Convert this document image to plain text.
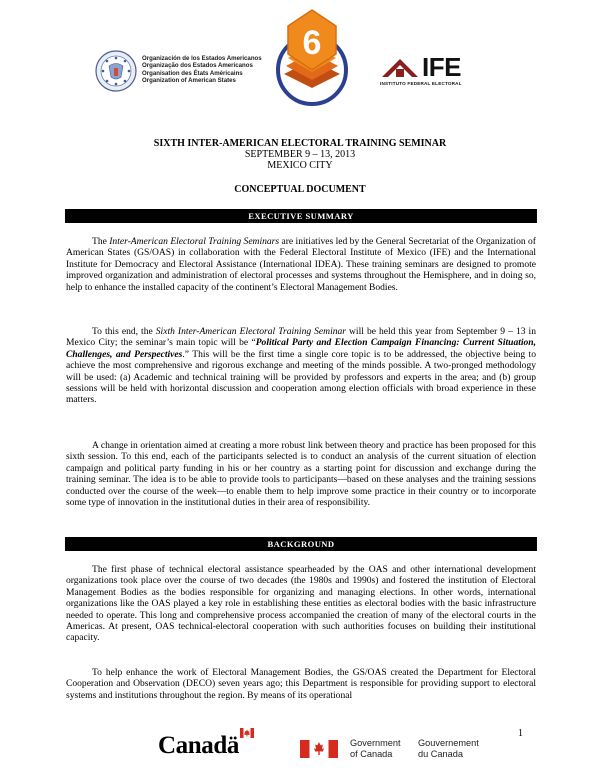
Organización de los Estados Americanos
Organização dos Estados Americanos
Organisation des États Américains
Organization of American States
6
IFE
INSTITUTO FEDERAL ELECTORAL
SIXTH INTER-AMERICAN ELECTORAL TRAINING SEMINAR
SEPTEMBER 9 – 13, 2013
MEXICO CITY
CONCEPTUAL DOCUMENT
EXECUTIVE SUMMARY
The Inter-American Electoral Training Seminars are initiatives led by the General Secretariat of the Organization of American States (GS/OAS) in collaboration with the Federal Electoral Institute of Mexico (IFE) and the International Institute for Democracy and Electoral Assistance (International IDEA). These training seminars are designed to promote improved organization and administration of electoral processes and systems throughout the Hemisphere, and in doing so, help to enhance the installed capacity of the continent’s Electoral Management Bodies.
To this end, the Sixth Inter-American Electoral Training Seminar will be held this year from September 9 – 13 in Mexico City; the seminar’s main topic will be “Political Party and Election Campaign Financing: Current Situation, Challenges, and Perspectives.” This will be the first time a single core topic is to be addressed, the objective being to achieve the most comprehensive and rigorous exchange and meeting of the minds possible. A two-pronged methodology will be used: (a) Academic and technical training will be provided by professors and experts in the area; and (b) group sessions will be held with horizontal discussion and cooperation among election officials with broad experience in these matters.
A change in orientation aimed at creating a more robust link between theory and practice has been proposed for this sixth session. To this end, each of the participants selected is to conduct an analysis of the current situation of election campaign and political party funding in his or her country as a starting point for discussion and exchange during the training seminar. The idea is to be able to provide tools to participants—based on these analyses and the training sessions conducted over the course of the week—to enable them to help improve some practice in their country or to incorporate some type of innovation in the institutional duties in their area of responsibility.
BACKGROUND
The first phase of technical electoral assistance spearheaded by the OAS and other international development organizations took place over the course of two decades (the 1980s and 1990s) and fostered the institution of Electoral Management Bodies as the bodies responsible for organizing and managing elections. In other words, international organizations like the OAS played a key role in establishing these entities as electoral bodies with the basic infrastructure needed to operate. This long and comprehensive process accompanied the creation of many of the electoral courts in the Americas. At present, OAS technical-electoral cooperation with such authorities focuses on building their institutional capacity.
To help enhance the work of Electoral Management Bodies, the GS/OAS created the Department for Electoral Cooperation and Observation (DECO) seven years ago; this Department is responsible for providing support to electoral systems and institutions throughout the region. By means of its operational
1
Canadä	Government
of Canada
Gouvernement
du Canada
